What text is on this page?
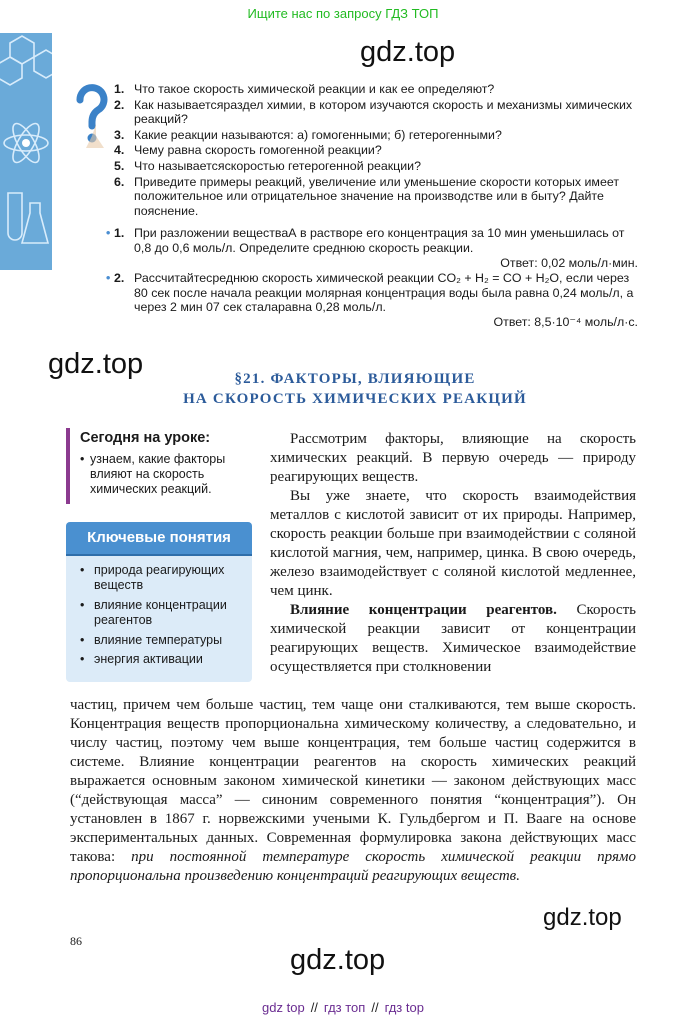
Ищите нас по запросу ГДЗ ТОП
gdz.top
1. Что такое скорость химической реакции и как ее определяют?
2. Как называетсяраздел химии, в котором изучаются скорость и механизмы химических реакций?
3. Какие реакции называются: а) гомогенными; б) гетерогенными?
4. Чему равна скорость гомогенной реакции?
5. Что называетсяскоростью гетерогенной реакции?
6. Приведите примеры реакций, увеличение или уменьшение скорости которых имеет положительное или отрицательное значение на производстве или в быту? Дайте пояснение.
• 1. При разложении веществаА в растворе его концентрация за 10 мин уменьшилась от 0,8 до 0,6 моль/л. Определите среднюю скорость реакции.
Ответ: 0,02 моль/л·мин.
• 2. Рассчитайтесреднюю скорость химической реакции CO₂ + H₂ = CO + H₂O, если через 80 сек после начала реакции молярная концентрация воды была равна 0,24 моль/л, а через 2 мин 07 сек сталаравна 0,28 моль/л.
Ответ: 8,5·10⁻⁴ моль/л·с.
gdz.top	§21. ФАКТОРЫ, ВЛИЯЮЩИЕ
НА СКОРОСТЬ ХИМИЧЕСКИХ РЕАКЦИЙ
Сегодня на уроке:
• узнаем, какие факторы влияют на скорость химических реакций.
Ключевые понятия
• природа реагирующих веществ
• влияние концентрации реагентов
• влияние температуры
• энергия активации

Рассмотрим факторы, влияющие на скорость химических реакций. В первую очередь — природу реагирующих веществ.

Вы уже знаете, что скорость взаимодействия металлов с кислотой зависит от их природы. Например, скорость реакции больше при взаимодействии с соляной кислотой магния, чем, например, цинка. В свою очередь, железо взаимодействует с соляной кислотой медленнее, чем цинк.

Влияние концентрации реагентов. Скорость химической реакции зависит от концентрации реагирующих веществ. Химическое взаимодействие осуществляется при столкновении

частиц, причем чем больше частиц, тем чаще они сталкиваются, тем выше скорость. Концентрация веществ пропорциональна химическому количеству, а следовательно, и числу частиц, поэтому чем выше концентрация, тем больше частиц содержится в системе. Влияние концентрации реагентов на скорость химических реакций выражается основным законом химической кинетики — законом действующих масс (“действующая масса” — синоним современного понятия “концентрация”). Он установлен в 1867 г. норвежскими учеными К. Гульдбергом и П. Вааге на основе экспериментальных данных. Современная формулировка закона действующих масс такова: при постоянной температуре скорость химической реакции прямо пропорциональна произведению концентраций реагирующих веществ.

gdz.top
86
gdz.top
gdz top // гдз топ // гдз top
